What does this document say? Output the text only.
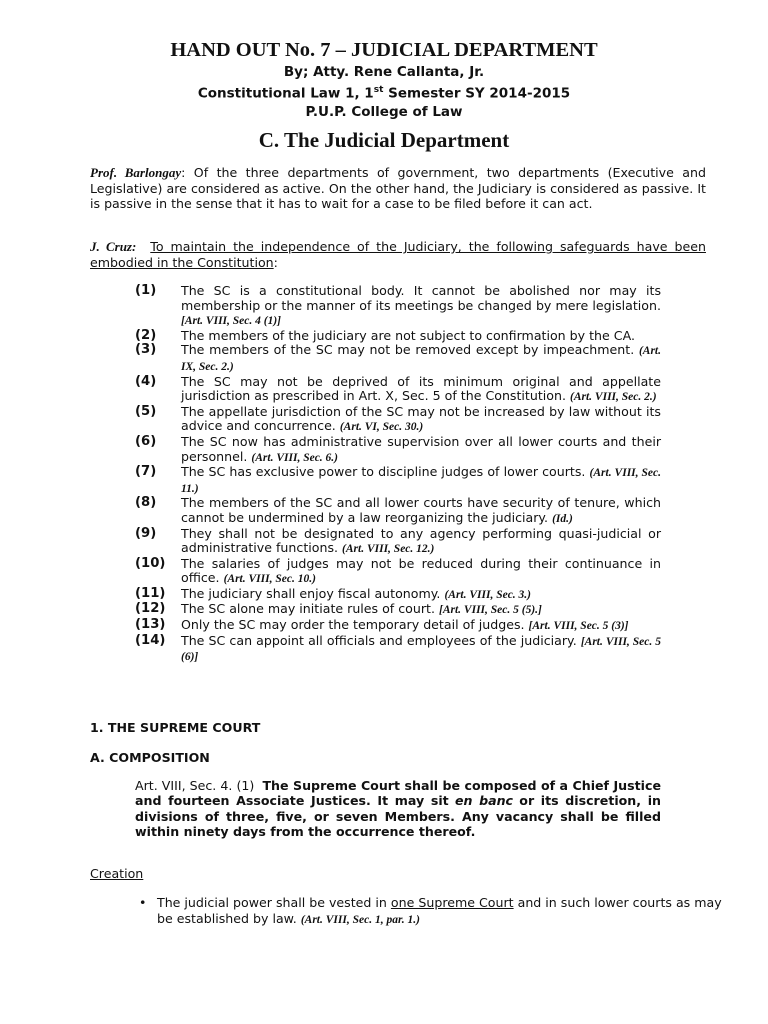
HAND OUT No. 7 – JUDICIAL DEPARTMENT
By; Atty. Rene Callanta, Jr.
Constitutional Law 1, 1st Semester SY 2014-2015
P.U.P. College of Law
C. The Judicial Department
Prof. Barlongay: Of the three departments of government, two departments (Executive and Legislative) are considered as active. On the other hand, the Judiciary is considered as passive. It is passive in the sense that it has to wait for a case to be filed before it can act.
J. Cruz: To maintain the independence of the Judiciary, the following safeguards have been embodied in the Constitution:
(1) The SC is a constitutional body. It cannot be abolished nor may its membership or the manner of its meetings be changed by mere legislation. [Art. VIII, Sec. 4 (1)]
(2) The members of the judiciary are not subject to confirmation by the CA.
(3) The members of the SC may not be removed except by impeachment. (Art. IX, Sec. 2.)
(4) The SC may not be deprived of its minimum original and appellate jurisdiction as prescribed in Art. X, Sec. 5 of the Constitution. (Art. VIII, Sec. 2.)
(5) The appellate jurisdiction of the SC may not be increased by law without its advice and concurrence. (Art. VI, Sec. 30.)
(6) The SC now has administrative supervision over all lower courts and their personnel. (Art. VIII, Sec. 6.)
(7) The SC has exclusive power to discipline judges of lower courts. (Art. VIII, Sec. 11.)
(8) The members of the SC and all lower courts have security of tenure, which cannot be undermined by a law reorganizing the judiciary. (Id.)
(9) They shall not be designated to any agency performing quasi-judicial or administrative functions. (Art. VIII, Sec. 12.)
(10) The salaries of judges may not be reduced during their continuance in office. (Art. VIII, Sec. 10.)
(11) The judiciary shall enjoy fiscal autonomy. (Art. VIII, Sec. 3.)
(12) The SC alone may initiate rules of court. [Art. VIII, Sec. 5 (5).]
(13) Only the SC may order the temporary detail of judges. [Art. VIII, Sec. 5 (3)]
(14) The SC can appoint all officials and employees of the judiciary. [Art. VIII, Sec. 5 (6)]
1. THE SUPREME COURT
A. COMPOSITION
Art. VIII, Sec. 4. (1) The Supreme Court shall be composed of a Chief Justice and fourteen Associate Justices. It may sit en banc or its discretion, in divisions of three, five, or seven Members. Any vacancy shall be filled within ninety days from the occurrence thereof.
Creation
• The judicial power shall be vested in one Supreme Court and in such lower courts as may be established by law. (Art. VIII, Sec. 1, par. 1.)
